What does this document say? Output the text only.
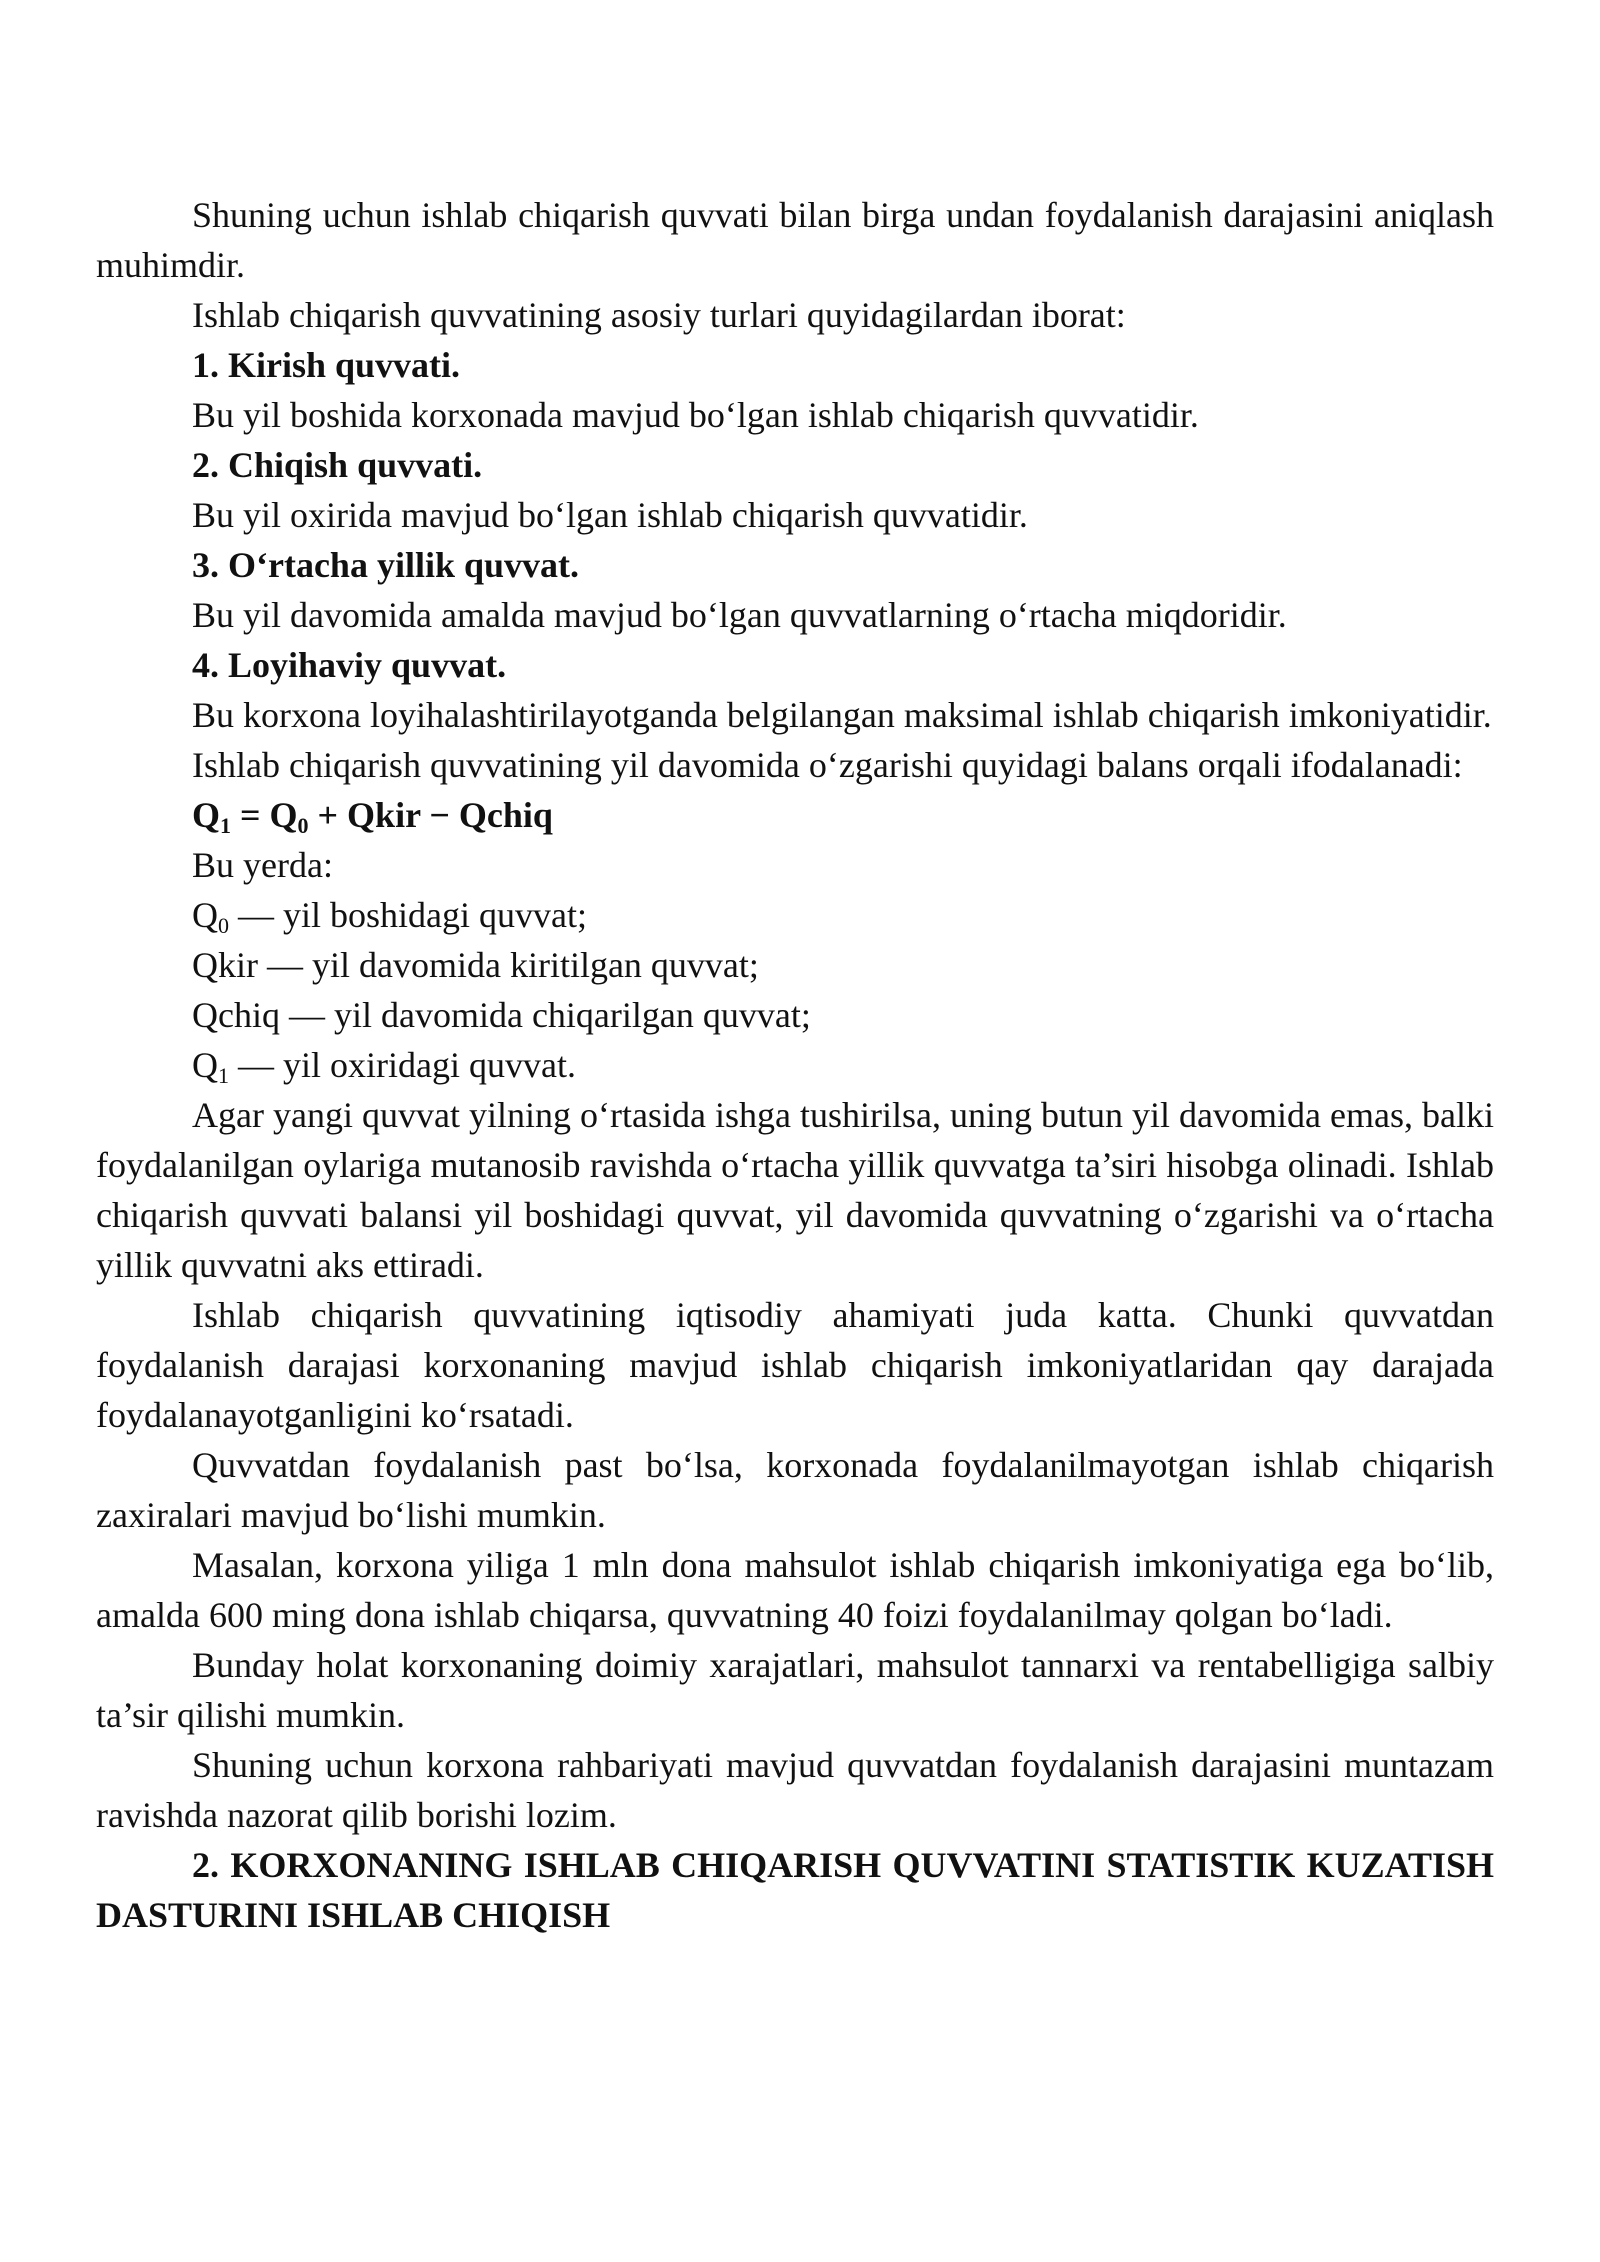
Shuning uchun ishlab chiqarish quvvati bilan birga undan foydalanish darajasini aniqlash muhimdir.

Ishlab chiqarish quvvatining asosiy turlari quyidagilardan iborat:

1. Kirish quvvati.

Bu yil boshida korxonada mavjud bo‘lgan ishlab chiqarish quvvatidir.

2. Chiqish quvvati.

Bu yil oxirida mavjud bo‘lgan ishlab chiqarish quvvatidir.

3. O‘rtacha yillik quvvat.

Bu yil davomida amalda mavjud bo‘lgan quvvatlarning o‘rtacha miqdoridir.

4. Loyihaviy quvvat.

Bu korxona loyihalashtirilayotganda belgilangan maksimal ishlab chiqarish imkoniyatidir.

Ishlab chiqarish quvvatining yil davomida o‘zgarishi quyidagi balans orqali ifodalanadi:

$Q_1 = Q_0$ + Qkir − Qchiq

Bu yerda:

$Q_0$ — yil boshidagi quvvat;

Qkir — yil davomida kiritilgan quvvat;

Qchiq — yil davomida chiqarilgan quvvat;

$Q_1$ — yil oxiridagi quvvat.

Agar yangi quvvat yilning o‘rtasida ishga tushirilsa, uning butun yil davomida emas, balki foydalanilgan oylariga mutanosib ravishda o‘rtacha yillik quvvatga ta’siri hisobga olinadi. Ishlab chiqarish quvvati balansi yil boshidagi quvvat, yil davomida quvvatning o‘zgarishi va o‘rtacha yillik quvvatni aks ettiradi.

Ishlab chiqarish quvvatining iqtisodiy ahamiyati juda katta. Chunki quvvatdan foydalanish darajasi korxonaning mavjud ishlab chiqarish imkoniyatlaridan qay darajada foydalanayotganligini ko‘rsatadi.

Quvvatdan foydalanish past bo‘lsa, korxonada foydalanilmayotgan ishlab chiqarish zaxiralari mavjud bo‘lishi mumkin.

Masalan, korxona yiliga 1 mln dona mahsulot ishlab chiqarish imkoniyatiga ega bo‘lib, amalda 600 ming dona ishlab chiqarsa, quvvatning 40 foizi foydalanilmay qolgan bo‘ladi.

Bunday holat korxonaning doimiy xarajatlari, mahsulot tannarxi va rentabelligiga salbiy ta’sir qilishi mumkin.

Shuning uchun korxona rahbariyati mavjud quvvatdan foydalanish darajasini muntazam ravishda nazorat qilib borishi lozim.

2. KORXONANING ISHLAB CHIQARISH QUVVATINI STATISTIK KUZATISH DASTURINI ISHLAB CHIQISH
